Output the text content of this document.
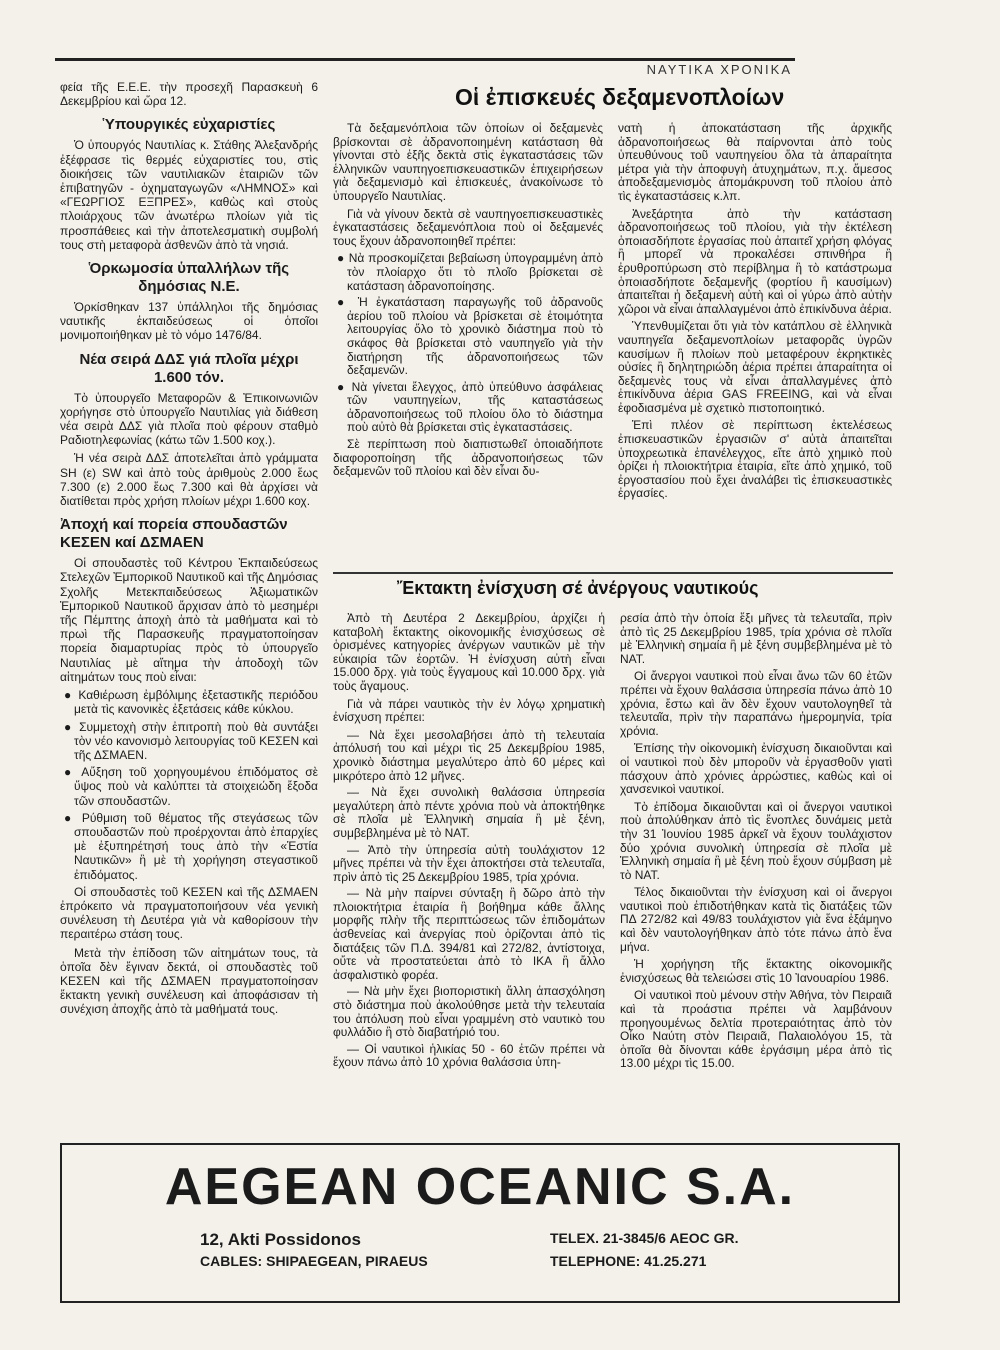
ΝΑΥΤΙΚΑ ΧΡΟΝΙΚΑ

φεία τῆς Ε.Ε.Ε. τὴν προσεχῆ Παρασκευὴ 6 Δεκεμβρίου καὶ ὥρα 12.

Ὑπουργικές εὐχαριστίες

Ὁ ὑπουργός Ναυτιλίας κ. Στάθης Ἀλεξανδρής ἐξέφρασε τὶς θερμές εὐχαριστίες του, στὶς διοικήσεις τῶν ναυτιλιακῶν ἑταιριῶν τῶν ἐπιβατηγῶν - ὀχηματαγωγῶν «ΛΗΜΝΟΣ» καὶ «ΓΕΩΡΓΙΟΣ ΕΞΠΡΕΣ», καθὼς καὶ στοὺς πλοιάρχους τῶν ἀνωτέρω πλοίων γιὰ τὶς προσπάθειες καὶ τὴν ἀποτελεσματικὴ συμβολή τους στὴ μεταφορὰ ἀσθενῶν ἀπὸ τὰ νησιά.

Ὁρκωμοσία ὑπαλλήλων τῆς δημόσιας Ν.Ε.

Ὁρκίσθηκαν 137 ὑπάλληλοι τῆς δημόσιας ναυτικῆς ἐκπαιδεύσεως οἱ ὁποῖοι μονιμοποιήθηκαν μὲ τὸ νόμο 1476/84.

Νέα σειρά ΔΔΣ γιά πλοῖα μέχρι 1.600 τόν.

Τὸ ὑπουργεῖο Μεταφορῶν & Ἐπικοινωνιῶν χορήγησε στὸ ὑπουργεῖο Ναυτιλίας γιὰ διάθεση νέα σειρὰ ΔΔΣ γιὰ πλοῖα ποὺ φέρουν σταθμὸ Ραδιοτηλεφωνίας (κάτω τῶν 1.500 κοχ.).

Ἡ νέα σειρὰ ΔΔΣ ἀποτελεῖται ἀπὸ γράμματα SH (ε) SW καὶ ἀπὸ τοὺς ἀριθμοὺς 2.000 ἕως 7.300 (ε) 2.000 ἕως 7.300 καὶ θὰ ἀρχίσει νὰ διατίθεται πρὸς χρήση πλοίων μέχρι 1.600 κοχ.

Ἀποχή καί πορεία σπουδαστῶν ΚΕΣΕΝ καί ΔΣΜΑΕΝ

Οἱ σπουδαστὲς τοῦ Κέντρου Ἐκπαιδεύσεως Στελεχῶν Ἐμπορικοῦ Ναυτικοῦ καὶ τῆς Δημόσιας Σχολῆς Μετεκπαιδεύσεως Ἀξιωματικῶν Ἐμπορικοῦ Ναυτικοῦ ἄρχισαν ἀπὸ τὸ μεσημέρι τῆς Πέμπτης ἀποχὴ ἀπὸ τὰ μαθήματα καὶ τὸ πρωὶ τῆς Παρασκευῆς πραγματοποίησαν πορεία διαμαρτυρίας πρὸς τὸ ὑπουργεῖο Ναυτιλίας μὲ αἴτημα τὴν ἀποδοχὴ τῶν αἰτημάτων τους ποὺ εἶναι:

● Καθιέρωση ἐμβόλιμης ἐξεταστικῆς περιόδου μετὰ τὶς κανονικὲς ἐξετάσεις κάθε κύκλου.

● Συμμετοχὴ στὴν ἐπιτροπὴ ποὺ θὰ συντάξει τὸν νέο κανονισμὸ λειτουργίας τοῦ ΚΕΣΕΝ καὶ τῆς ΔΣΜΑΕΝ.

● Αὔξηση τοῦ χορηγουμένου ἐπιδόματος σὲ ὕψος ποὺ νὰ καλύπτει τὰ στοιχειώδη ἔξοδα τῶν σπουδαστῶν.

● Ρύθμιση τοῦ θέματος τῆς στεγάσεως τῶν σπουδαστῶν ποὺ προέρχονται ἀπὸ ἐπαρχίες μὲ ἐξυπηρέτησή τους ἀπὸ τὴν «Ἑστία Ναυτικῶν» ἢ μὲ τὴ χορήγηση στεγαστικοῦ ἐπιδόματος.

Οἱ σπουδαστὲς τοῦ ΚΕΣΕΝ καὶ τῆς ΔΣΜΑΕΝ ἐπρόκειτο νὰ πραγματοποιήσουν νέα γενικὴ συνέλευση τὴ Δευτέρα γιὰ νὰ καθορίσουν τὴν περαιτέρω στάση τους.

Μετὰ τὴν ἐπίδοση τῶν αἰτημάτων τους, τὰ ὁποῖα δὲν ἔγιναν δεκτά, οἱ σπουδαστὲς τοῦ ΚΕΣΕΝ καὶ τῆς ΔΣΜΑΕΝ πραγματοποίησαν ἔκτακτη γενικὴ συνέλευση καὶ ἀποφάσισαν τὴ συνέχιση ἀποχῆς ἀπὸ τὰ μαθήματά τους.

Οἱ ἐπισκευές δεξαμενοπλοίων

Τὰ δεξαμενόπλοια τῶν ὁποίων οἱ δεξαμενὲς βρίσκονται σὲ ἀδρανοποιημένη κατάσταση θὰ γίνονται στὸ ἑξῆς δεκτὰ στὶς ἐγκαταστάσεις τῶν ἑλληνικῶν ναυπηγοεπισκευαστικῶν ἐπιχειρήσεων γιὰ δεξαμενισμὸ καὶ ἐπισκευές, ἀνακοίνωσε τὸ ὑπουργεῖο Ναυτιλίας.

Γιὰ νὰ γίνουν δεκτὰ σὲ ναυπηγοεπισκευαστικὲς ἐγκαταστάσεις δεξαμενόπλοια ποὺ οἱ δεξαμενές τους ἔχουν ἀδρανοποιηθεῖ πρέπει:

● Νὰ προσκομίζεται βεβαίωση ὑπογραμμένη ἀπὸ τὸν πλοίαρχο ὅτι τὸ πλοῖο βρίσκεται σὲ κατάσταση ἀδρανοποίησης.

● Ἡ ἐγκατάσταση παραγωγῆς τοῦ ἀδρανοῦς ἀερίου τοῦ πλοίου νὰ βρίσκεται σὲ ἑτοιμότητα λειτουργίας ὅλο τὸ χρονικὸ διάστημα ποὺ τὸ σκάφος θὰ βρίσκεται στὸ ναυπηγεῖο γιὰ τὴν διατήρηση τῆς ἀδρανοποιήσεως τῶν δεξαμενῶν.

● Νὰ γίνεται ἔλεγχος, ἀπὸ ὑπεύθυνο ἀσφάλειας τῶν ναυπηγείων, τῆς καταστάσεως ἀδρανοποιήσεως τοῦ πλοίου ὅλο τὸ διάστημα ποὺ αὐτὸ θὰ βρίσκεται στὶς ἐγκαταστάσεις.

Σὲ περίπτωση ποὺ διαπιστωθεῖ ὁποιαδήποτε διαφοροποίηση τῆς ἀδρανοποιήσεως τῶν δεξαμενῶν τοῦ πλοίου καὶ δὲν εἶναι δυ-

νατὴ ἡ ἀποκατάσταση τῆς ἀρχικῆς ἀδρανοποιήσεως θὰ παίρνονται ἀπὸ τοὺς ὑπευθύνους τοῦ ναυπηγείου ὅλα τὰ ἀπαραίτητα μέτρα γιὰ τὴν ἀποφυγὴ ἀτυχημάτων, π.χ. ἄμεσος ἀποδεξαμενισμὸς ἀπομάκρυνση τοῦ πλοίου ἀπὸ τὶς ἐγκαταστάσεις κ.λπ.

Ἀνεξάρτητα ἀπὸ τὴν κατάσταση ἀδρανοποιήσεως τοῦ πλοίου, γιὰ τὴν ἐκτέλεση ὁποιασδήποτε ἐργασίας ποὺ ἀπαιτεῖ χρήση φλόγας ἢ μπορεῖ νὰ προκαλέσει σπινθήρα ἢ ἐρυθροπύρωση στὸ περίβλημα ἢ τὸ κατάστρωμα ὁποιασδήποτε δεξαμενῆς (φορτίου ἢ καυσίμων) ἀπαιτεῖται ἡ δεξαμενὴ αὐτὴ καὶ οἱ γύρω ἀπὸ αὐτὴν χῶροι νὰ εἶναι ἀπαλλαγμένοι ἀπὸ ἐπικίνδυνα ἀέρια.

Ὑπενθυμίζεται ὅτι γιὰ τὸν κατάπλου σὲ ἑλληνικὰ ναυπηγεῖα δεξαμενοπλοίων μεταφορᾶς ὑγρῶν καυσίμων ἢ πλοίων ποὺ μεταφέρουν ἐκρηκτικὲς οὐσίες ἢ δηλητηριώδη ἀέρια πρέπει ἀπαραίτητα οἱ δεξαμενὲς τους νὰ εἶναι ἀπαλλαγμένες ἀπὸ ἐπικίνδυνα ἀέρια GAS FREEING, καὶ νὰ εἶναι ἐφοδιασμένα μὲ σχετικὸ πιστοποιητικό.

Ἐπὶ πλέον σὲ περίπτωση ἐκτελέσεως ἐπισκευαστικῶν ἐργασιῶν σ' αὐτὰ ἀπαιτεῖται ὑποχρεωτικὰ ἐπανέλεγχος, εἴτε ἀπὸ χημικὸ ποὺ ὁρίζει ἡ πλοιοκτήτρια ἑταιρία, εἴτε ἀπὸ χημικό, τοῦ ἐργοστασίου ποὺ ἔχει ἀναλάβει τὶς ἐπισκευαστικὲς ἐργασίες.

Ἔκτακτη ἐνίσχυση σέ ἀνέργους ναυτικούς

Ἀπὸ τὴ Δευτέρα 2 Δεκεμβρίου, ἀρχίζει ἡ καταβολὴ ἔκτακτης οἰκονομικῆς ἐνισχύσεως σὲ ὁρισμένες κατηγορίες ἀνέργων ναυτικῶν μὲ τὴν εὐκαιρία τῶν ἑορτῶν. Ἡ ἐνίσχυση αὐτὴ εἶναι 15.000 δρχ. γιὰ τοὺς ἔγγαμους καὶ 10.000 δρχ. γιὰ τοὺς ἄγαμους.

Γιὰ νὰ πάρει ναυτικὸς τὴν ἐν λόγῳ χρηματικὴ ἐνίσχυση πρέπει:

— Νὰ ἔχει μεσολαβήσει ἀπὸ τὴ τελευταία ἀπόλυσή του καὶ μέχρι τὶς 25 Δεκεμβρίου 1985, χρονικὸ διάστημα μεγαλύτερο ἀπὸ 60 μέρες καὶ μικρότερο ἀπὸ 12 μῆνες.

— Νὰ ἔχει συνολικὴ θαλάσσια ὑπηρεσία μεγαλύτερη ἀπὸ πέντε χρόνια ποὺ νὰ ἀποκτήθηκε σὲ πλοῖα μὲ Ἑλληνικὴ σημαία ἢ μὲ ξένη, συμβεβλημένα μὲ τὸ ΝΑΤ.

— Ἀπὸ τὴν ὑπηρεσία αὐτὴ τουλάχιστον 12 μῆνες πρέπει νὰ τὴν ἔχει ἀποκτήσει στὰ τελευταῖα, πρὶν ἀπὸ τὶς 25 Δεκεμβρίου 1985, τρία χρόνια.

— Νὰ μὴν παίρνει σύνταξη ἢ δῶρο ἀπὸ τὴν πλοιοκτήτρια ἑταιρία ἢ βοήθημα κάθε ἄλλης μορφῆς πλὴν τῆς περιπτώσεως τῶν ἐπιδομάτων ἀσθενείας καὶ ἀνεργίας ποὺ ὁρίζονται ἀπὸ τὶς διατάξεις τῶν Π.Δ. 394/81 καὶ 272/82, ἀντίστοιχα, οὔτε νὰ προστατεύεται ἀπὸ τὸ ΙΚΑ ἢ ἄλλο ἀσφαλιστικὸ φορέα.

— Νὰ μὴν ἔχει βιοποριστικὴ ἄλλη ἀπασχόληση στὸ διάστημα ποὺ ἀκολούθησε μετὰ τὴν τελευταία του ἀπόλυση ποὺ εἶναι γραμμένη στὸ ναυτικὸ του φυλλάδιο ἢ στὸ διαβατήριό του.

— Οἱ ναυτικοὶ ἡλικίας 50 - 60 ἐτῶν πρέπει νὰ ἔχουν πάνω ἀπὸ 10 χρόνια θαλάσσια ὑπη-

ρεσία ἀπὸ τὴν ὁποία ἕξι μῆνες τὰ τελευταῖα, πρὶν ἀπὸ τὶς 25 Δεκεμβρίου 1985, τρία χρόνια σὲ πλοῖα μὲ Ἑλληνικὴ σημαία ἢ μὲ ξένη συμβεβλημένα μὲ τὸ ΝΑΤ.

Οἱ ἄνεργοι ναυτικοὶ ποὺ εἶναι ἄνω τῶν 60 ἐτῶν πρέπει νὰ ἔχουν θαλάσσια ὑπηρεσία πάνω ἀπὸ 10 χρόνια, ἔστω καὶ ἂν δὲν ἔχουν ναυτολογηθεῖ τὰ τελευταῖα, πρὶν τὴν παραπάνω ἡμερομηνία, τρία χρόνια.

Ἐπίσης τὴν οἰκονομικὴ ἐνίσχυση δικαιοῦνται καὶ οἱ ναυτικοὶ ποὺ δὲν μποροῦν νὰ ἐργασθοῦν γιατὶ πάσχουν ἀπὸ χρόνιες ἀρρώστιες, καθὼς καὶ οἱ χανσενικοὶ ναυτικοί.

Τὸ ἐπίδομα δικαιοῦνται καὶ οἱ ἄνεργοι ναυτικοὶ ποὺ ἀπολύθηκαν ἀπὸ τὶς ἔνοπλες δυνάμεις μετὰ τὴν 31 Ἰουνίου 1985 ἀρκεῖ νὰ ἔχουν τουλάχιστον δύο χρόνια συνολικὴ ὑπηρεσία σὲ πλοῖα μὲ Ἑλληνικὴ σημαία ἢ μὲ ξένη ποὺ ἔχουν σύμβαση μὲ τὸ ΝΑΤ.

Τέλος δικαιοῦνται τὴν ἐνίσχυση καὶ οἱ ἄνεργοι ναυτικοὶ ποὺ ἐπιδοτήθηκαν κατὰ τὶς διατάξεις τῶν ΠΔ 272/82 καὶ 49/83 τουλάχιστον γιὰ ἕνα ἑξάμηνο καὶ δὲν ναυτολογήθηκαν ἀπὸ τότε πάνω ἀπὸ ἕνα μήνα.

Ἡ χορήγηση τῆς ἔκτακτης οἰκονομικῆς ἐνισχύσεως θὰ τελειώσει στὶς 10 Ἰανουαρίου 1986.

Οἱ ναυτικοὶ ποὺ μένουν στὴν Ἀθήνα, τὸν Πειραιᾶ καὶ τὰ προάστια πρέπει νὰ λαμβάνουν προηγουμένως δελτία προτεραιότητας ἀπὸ τὸν Οἶκο Ναύτη στὸν Πειραιᾶ, Παλαιολόγου 15, τὰ ὁποῖα θὰ δίνονται κάθε ἐργάσιμη μέρα ἀπὸ τὶς 13.00 μέχρι τὶς 15.00.

AEGEAN OCEANIC S.A.
12, Akti Possidonos
CABLES: SHIPAEGEAN, PIRAEUS
TELEX. 21-3845/6 AEOC GR.
TELEPHONE: 41.25.271
